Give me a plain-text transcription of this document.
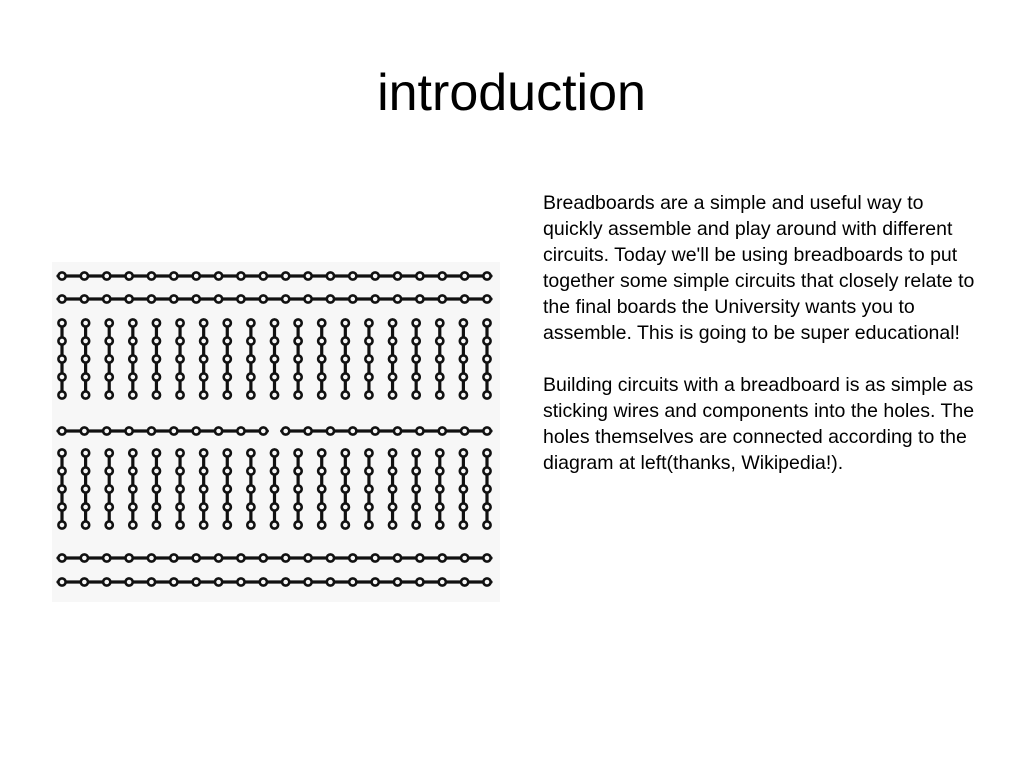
introduction

Breadboards are a simple and useful way to quickly assemble and play around with different circuits. Today we'll be using breadboards to put together some simple circuits that closely relate to the final boards the University wants you to assemble. This is going to be super educational!

Building circuits with a breadboard is as simple as sticking wires and components into the holes. The holes themselves are connected according to the diagram at left(thanks, Wikipedia!).
